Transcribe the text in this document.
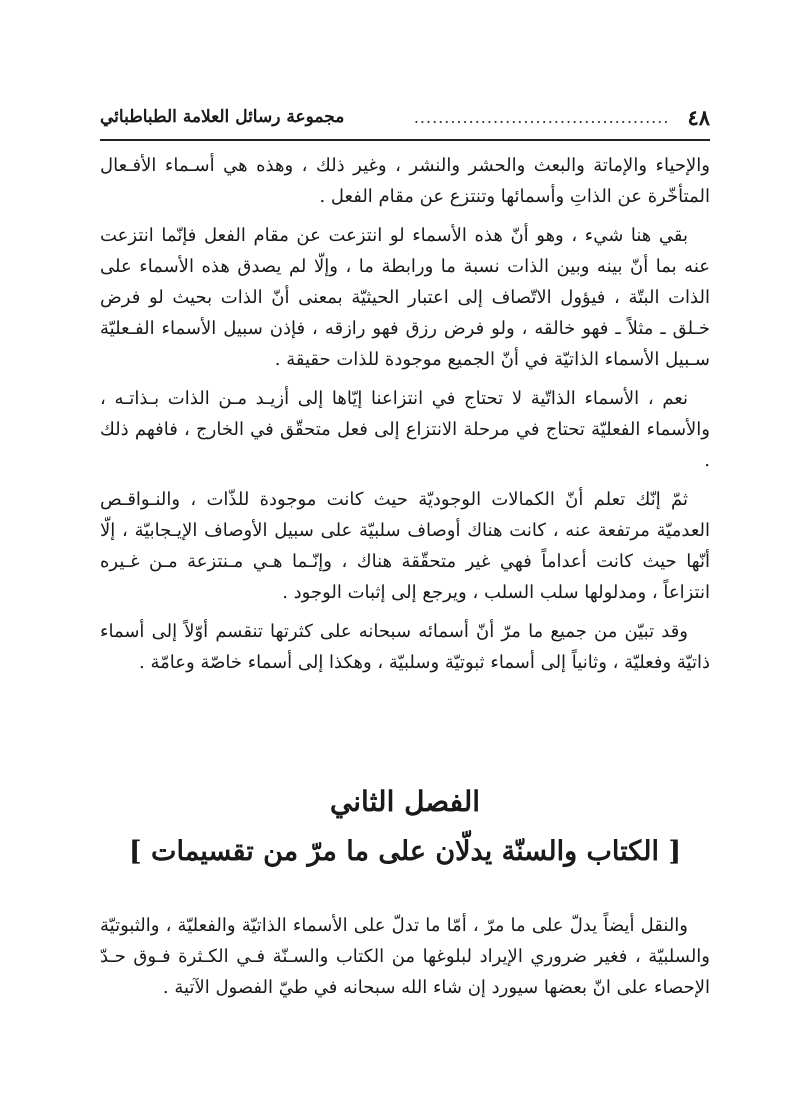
٤٨
..........................................
مجموعة رسائل العلامة الطباطبائي

والإحياء والإماتة والبعث والحشر والنشر ، وغير ذلك ، وهذه هي أسـماء الأفـعال المتأخّرة عن الذاتِ وأسمائها وتنتزع عن مقام الفعل .

بقي هنا شيء ، وهو أنّ هذه الأسماء لو انتزعت عن مقام الفعل فإنّما انتزعت عنه بما أنّ بينه وبين الذات نسبة ما ورابطة ما ، وإلّا لم يصدق هذه الأسماء على الذات البتّة ، فيؤول الاتّصاف إلى اعتبار الحيثيّة بمعنى أنّ الذات بحيث لو فرض خـلق ـ مثلاً ـ فهو خالقه ، ولو فرض رزق فهو رازقه ، فإذن سبيل الأسماء الفـعليّة سـبيل الأسماء الذاتيّة في أنّ الجميع موجودة للذات حقيقة .

نعم ، الأسماء الذاتّية لا تحتاج في انتزاعنا إيّاها إلى أزيـد مـن الذات بـذاتـه ، والأسماء الفعليّة تحتاج في مرحلة الانتزاع إلى فعل متحقّق في الخارج ، فافهم ذلك .

ثمّ إنّك تعلم أنّ الكمالات الوجوديّة حيث كانت موجودة للذّات ، والنـواقـص العدميّة مرتفعة عنه ، كانت هناك أوصاف سلبيّة على سبيل الأوصاف الإيـجابيّة ، إلّا أنّها حيث كانت أعداماً فهي غير متحقّقة هناك ، وإنّـما هـي مـنتزعة مـن غـيره انتزاعاً ، ومدلولها سلب السلب ، ويرجع إلى إثبات الوجود .

وقد تبيّن من جميع ما مرّ أنّ أسمائه سبحانه على كثرتها تنقسم أوّلاً إلى أسماء ذاتيّة وفعليّة ، وثانياً إلى أسماء ثبوتيّة وسلبيّة ، وهكذا إلى أسماء خاصّة وعامّة .

الفصل الثاني
[ الكتاب والسنّة يدلّان على ما مرّ من تقسيمات ]

والنقل أيضاً يدلّ على ما مرّ ، أمّا ما تدلّ على الأسماء الذاتيّة والفعليّة ، والثبوتيّة والسلبيّة ، فغير ضروري الإيراد لبلوغها من الكتاب والسـنّة فـي الكـثرة فـوق حـدّ الإحصاء على انّ بعضها سيورد إن شاء الله سبحانه في طيّ الفصول الآتية .
